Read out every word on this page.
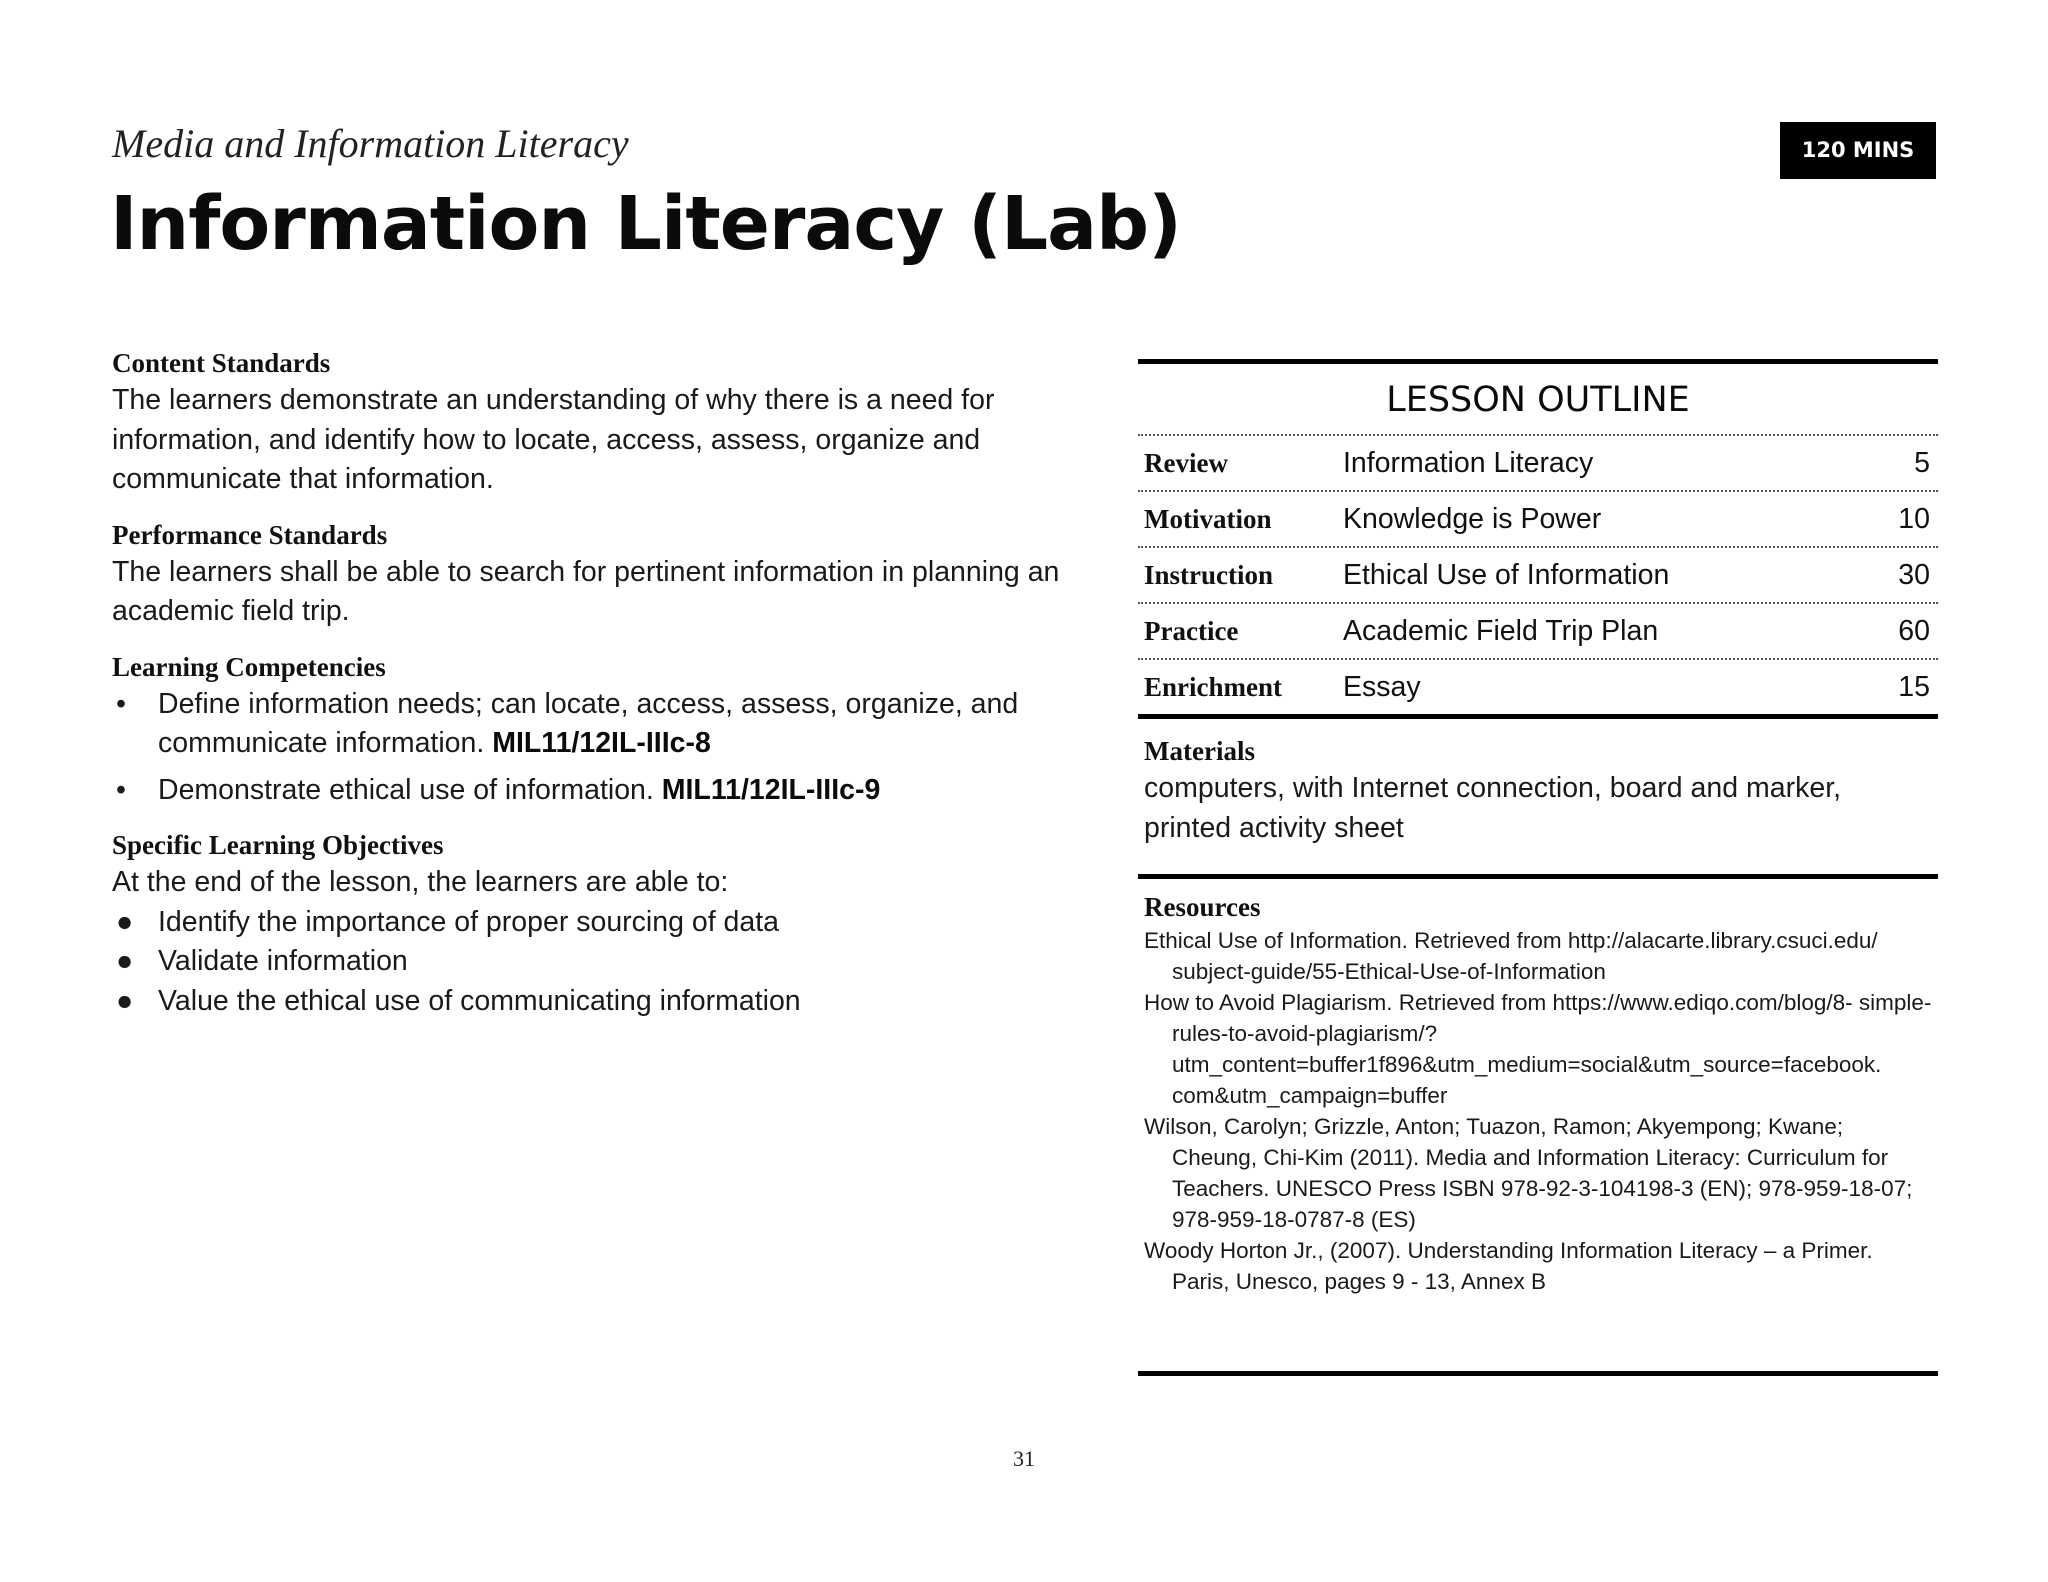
Media and Information Literacy
Information Literacy (Lab)
120 MINS
Content Standards

The learners demonstrate an understanding of why there is a need for information, and identify how to locate, access, assess, organize and communicate that information.

Performance Standards

The learners shall be able to search for pertinent information in planning an academic field trip.

Learning Competencies
•	Define information needs; can locate, access, assess, organize, and communicate information. MIL11/12IL-IIIc-8
•	Demonstrate ethical use of information. MIL11/12IL-IIIc-9
Specific Learning Objectives

At the end of the lesson, the learners are able to:

● Identify the importance of proper sourcing of data
● Validate information
● Value the ethical use of communicating information
LESSON OUTLINE
Review	Information Literacy	5
Motivation	Knowledge is Power	10
Instruction	Ethical Use of Information	30
Practice	Academic Field Trip Plan	60
Enrichment	Essay	15
Materials

computers, with Internet connection, board and marker, printed activity sheet

Resources
Ethical Use of Information. Retrieved from http://alacarte.library.csuci.edu/ subject-guide/55-Ethical-Use-of-Information
How to Avoid Plagiarism. Retrieved from https://www.ediqo.com/blog/8- simple-rules-to-avoid-plagiarism/? utm_content=buffer1f896&utm_medium=social&utm_source=facebook. com&utm_campaign=buffer
Wilson, Carolyn; Grizzle, Anton; Tuazon, Ramon; Akyempong; Kwane; Cheung, Chi-Kim (2011). Media and Information Literacy: Curriculum for Teachers. UNESCO Press ISBN 978-92-3-104198-3 (EN); 978-959-18-07; 978-959-18-0787-8 (ES)
Woody Horton Jr., (2007). Understanding Information Literacy – a Primer. Paris, Unesco, pages 9 - 13, Annex B
31
